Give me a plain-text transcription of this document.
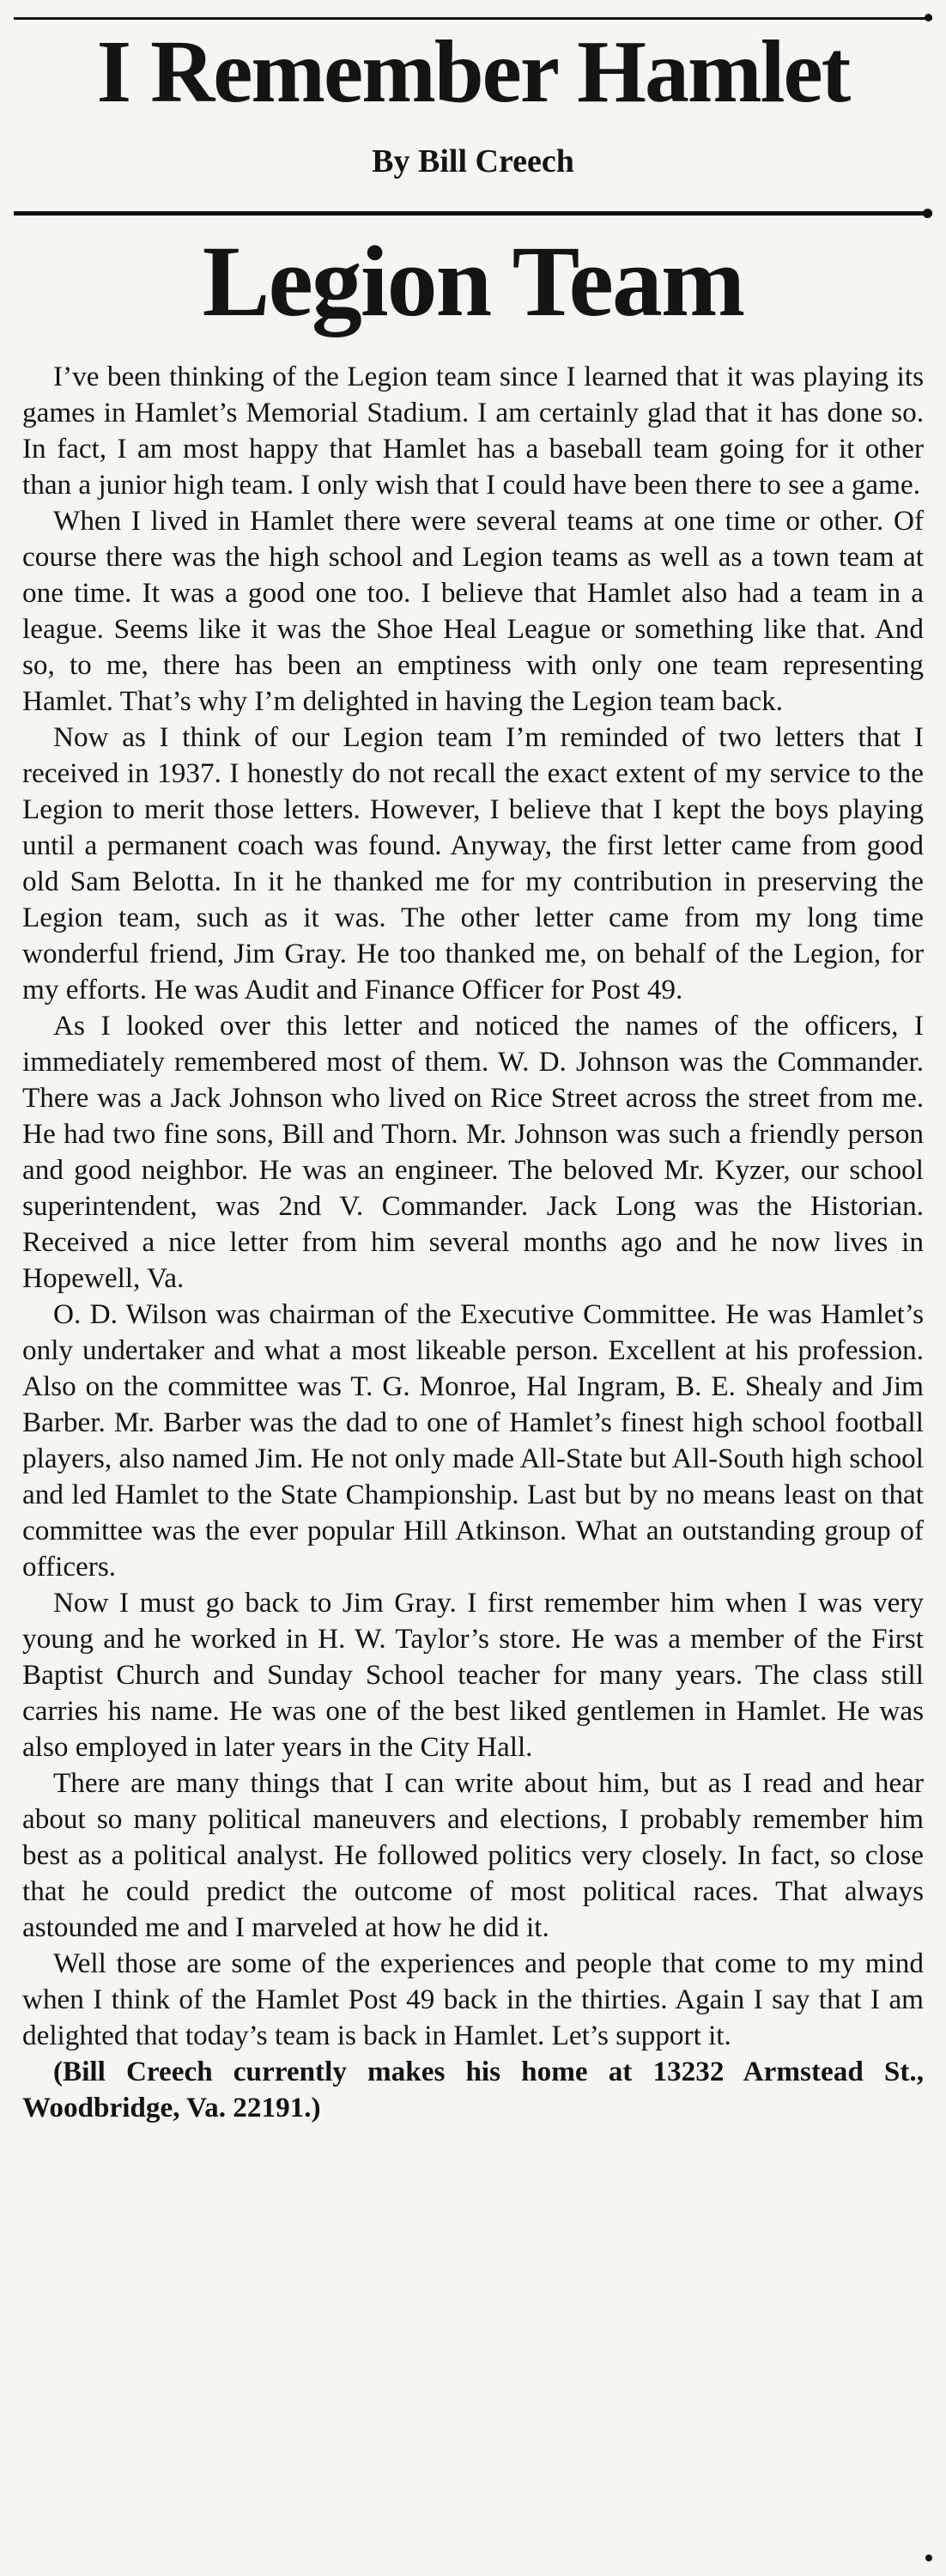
I Remember Hamlet
By Bill Creech
Legion Team

I’ve been thinking of the Legion team since I learned that it was playing its games in Hamlet’s Memorial Stadium. I am certainly glad that it has done so. In fact, I am most happy that Hamlet has a baseball team going for it other than a junior high team. I only wish that I could have been there to see a game.

When I lived in Hamlet there were several teams at one time or other. Of course there was the high school and Legion teams as well as a town team at one time. It was a good one too. I believe that Hamlet also had a team in a league. Seems like it was the Shoe Heal League or something like that. And so, to me, there has been an emptiness with only one team representing Hamlet. That’s why I’m delighted in having the Legion team back.

Now as I think of our Legion team I’m reminded of two letters that I received in 1937. I honestly do not recall the exact extent of my service to the Legion to merit those letters. However, I believe that I kept the boys playing until a permanent coach was found. Anyway, the first letter came from good old Sam Belotta. In it he thanked me for my contribution in preserving the Legion team, such as it was. The other letter came from my long time wonderful friend, Jim Gray. He too thanked me, on behalf of the Legion, for my efforts. He was Audit and Finance Officer for Post 49.

As I looked over this letter and noticed the names of the officers, I immediately remembered most of them. W. D. Johnson was the Commander. There was a Jack Johnson who lived on Rice Street across the street from me. He had two fine sons, Bill and Thorn. Mr. Johnson was such a friendly person and good neighbor. He was an engineer. The beloved Mr. Kyzer, our school superintendent, was 2nd V. Commander. Jack Long was the Historian. Received a nice letter from him several months ago and he now lives in Hopewell, Va.

O. D. Wilson was chairman of the Executive Committee. He was Hamlet’s only undertaker and what a most likeable person. Excellent at his profession. Also on the committee was T. G. Monroe, Hal Ingram, B. E. Shealy and Jim Barber. Mr. Barber was the dad to one of Hamlet’s finest high school football players, also named Jim. He not only made All-State but All-South high school and led Hamlet to the State Championship. Last but by no means least on that committee was the ever popular Hill Atkinson. What an outstanding group of officers.

Now I must go back to Jim Gray. I first remember him when I was very young and he worked in H. W. Taylor’s store. He was a member of the First Baptist Church and Sunday School teacher for many years. The class still carries his name. He was one of the best liked gentlemen in Hamlet. He was also employed in later years in the City Hall.

There are many things that I can write about him, but as I read and hear about so many political maneuvers and elections, I probably remember him best as a political analyst. He followed politics very closely. In fact, so close that he could predict the outcome of most political races. That always astounded me and I marveled at how he did it.

Well those are some of the experiences and people that come to my mind when I think of the Hamlet Post 49 back in the thirties. Again I say that I am delighted that today’s team is back in Hamlet. Let’s support it.

(Bill Creech currently makes his home at 13232 Armstead St., Woodbridge, Va. 22191.)
